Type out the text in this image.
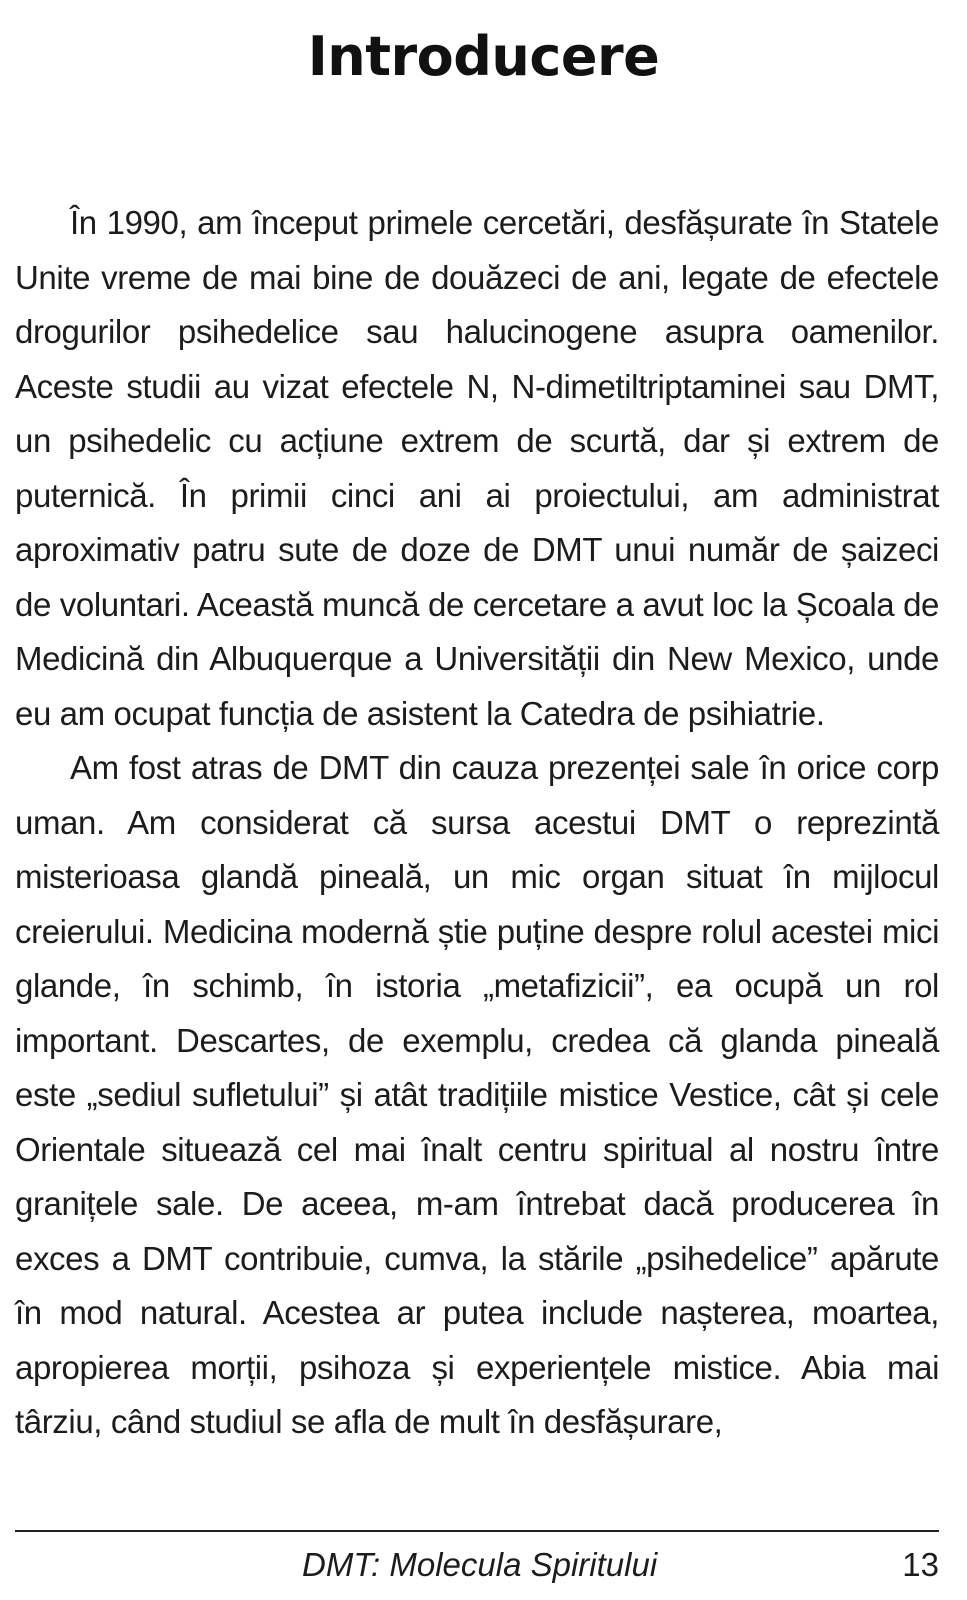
Introducere

În 1990, am început primele cercetări, desfășurate în Statele Unite vreme de mai bine de douăzeci de ani, legate de efectele drogurilor psihedelice sau halucinogene asupra oamenilor. Aceste studii au vizat efectele N, N-dimetiltriptaminei sau DMT, un psihedelic cu acțiune extrem de scurtă, dar și extrem de puternică. În primii cinci ani ai proiectului, am administrat aproximativ patru sute de doze de DMT unui număr de șaizeci de voluntari. Această muncă de cercetare a avut loc la Școala de Medicină din Albuquerque a Universității din New Mexico, unde eu am ocupat funcția de asistent la Catedra de psihiatrie.

Am fost atras de DMT din cauza prezenței sale în orice corp uman. Am considerat că sursa acestui DMT o reprezintă misterioasa glandă pineală, un mic organ situat în mijlocul creierului. Medicina modernă știe puține despre rolul acestei mici glande, în schimb, în istoria „metafizicii”, ea ocupă un rol important. Descartes, de exemplu, credea că glanda pineală este „sediul sufletului” și atât tradițiile mistice Vestice, cât și cele Orientale situează cel mai înalt centru spiritual al nostru între granițele sale. De aceea, m-am întrebat dacă producerea în exces a DMT contribuie, cumva, la stările „psihedelice” apărute în mod natural. Acestea ar putea include nașterea, moartea, apropierea morții, psihoza și experiențele mistice. Abia mai târziu, când studiul se afla de mult în desfășurare,

DMT: Molecula Spiritului	13
